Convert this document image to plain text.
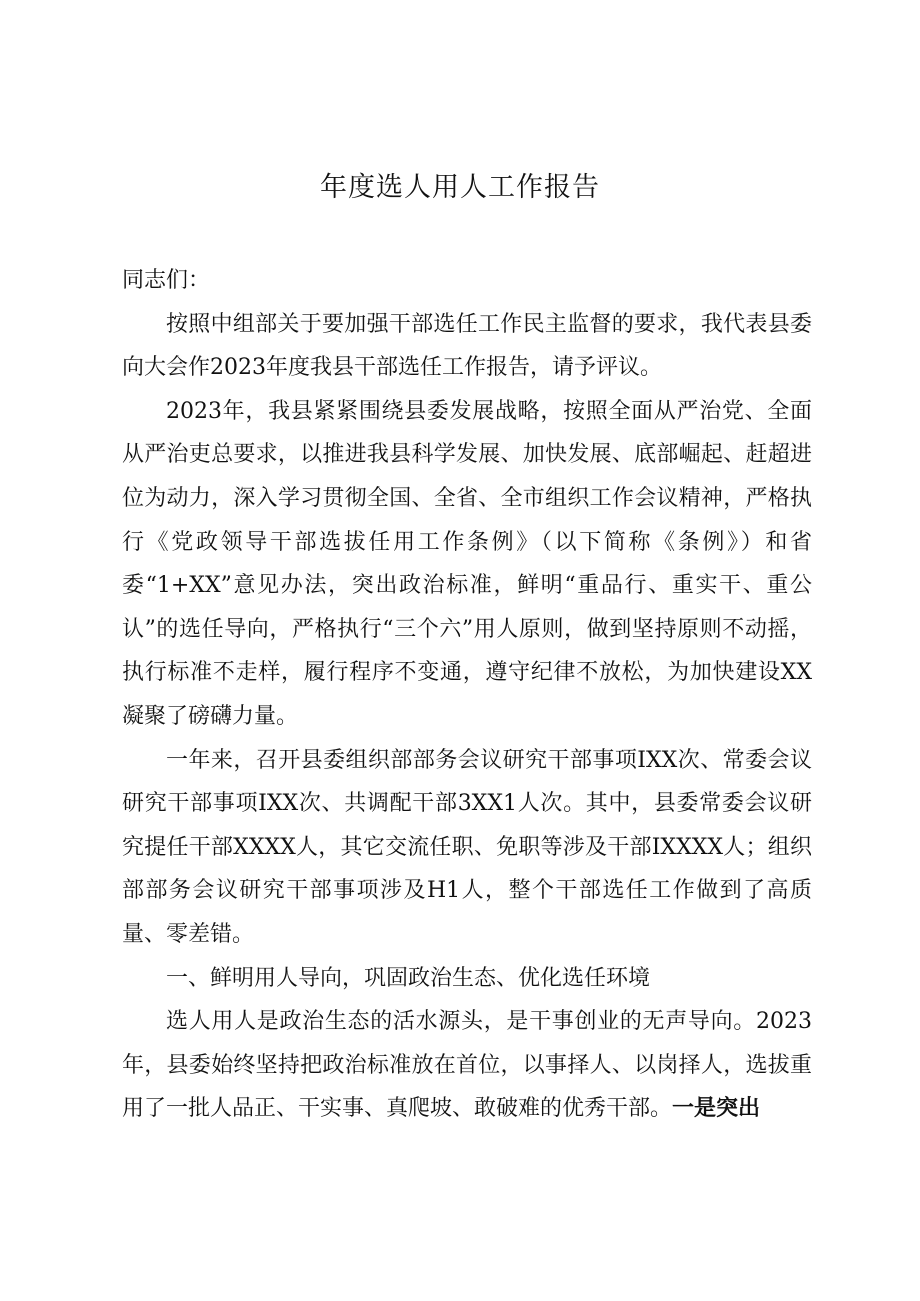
年度选人用人工作报告

同志们：

按照中组部关于要加强干部选任工作民主监督的要求，我代表县委向大会作2023年度我县干部选任工作报告，请予评议。

2023年，我县紧紧围绕县委发展战略，按照全面从严治党、全面从严治吏总要求，以推进我县科学发展、加快发展、底部崛起、赶超进位为动力，深入学习贯彻全国、全省、全市组织工作会议精神，严格执行《党政领导干部选拔任用工作条例》（以下简称《条例》）和省委“1+XX”意见办法，突出政治标准，鲜明“重品行、重实干、重公认”的选任导向，严格执行“三个六”用人原则，做到坚持原则不动摇，执行标准不走样，履行程序不变通，遵守纪律不放松，为加快建设XX凝聚了磅礴力量。

一年来，召开县委组织部部务会议研究干部事项IXX次、常委会议研究干部事项IXX次、共调配干部3XX1人次。其中，县委常委会议研究提任干部XXXX人，其它交流任职、免职等涉及干部IXXXX人；组织部部务会议研究干部事项涉及H1人，整个干部选任工作做到了高质量、零差错。

一、鲜明用人导向，巩固政治生态、优化选任环境

选人用人是政治生态的活水源头，是干事创业的无声导向。2023年，县委始终坚持把政治标准放在首位，以事择人、以岗择人，选拔重用了一批人品正、干实事、真爬坡、敢破难的优秀干部。一是突出
